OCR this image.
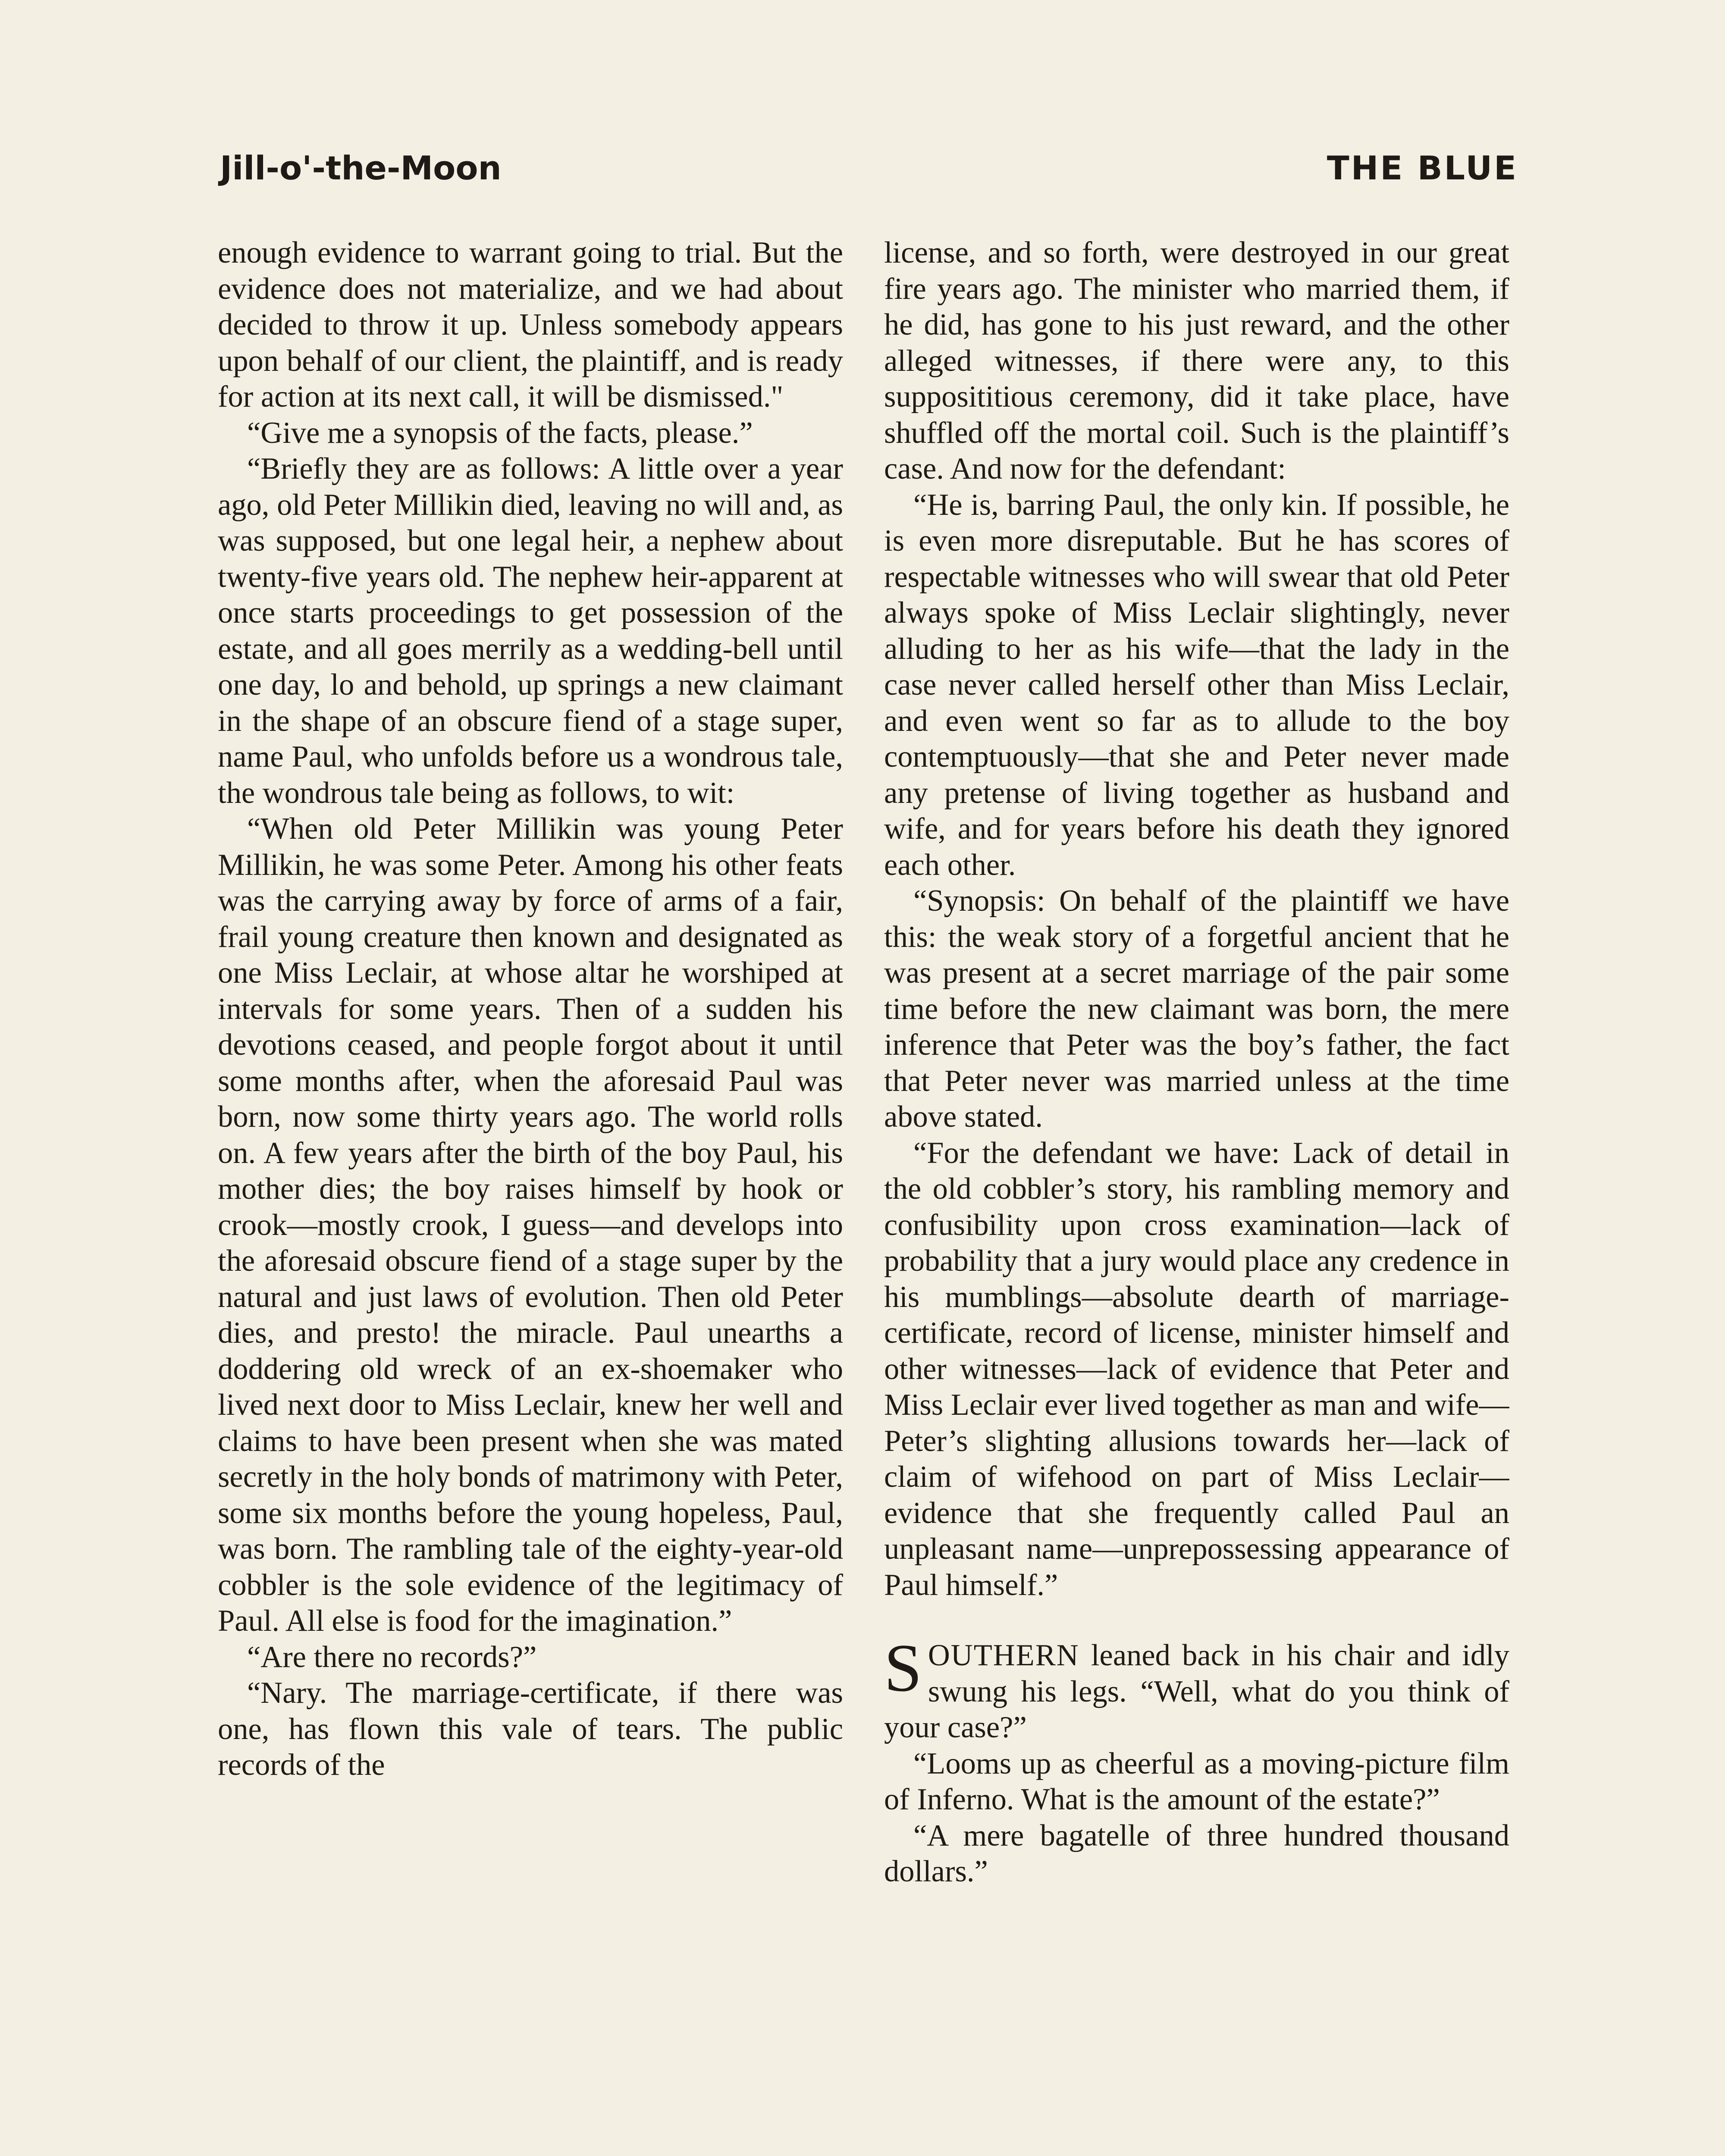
Jill-o'-the-Moon	THE BLUE

enough evidence to warrant going to trial. But the evidence does not materialize, and we had about decided to throw it up. Unless somebody appears upon behalf of our client, the plaintiff, and is ready for action at its next call, it will be dismissed."

“Give me a synopsis of the facts, please.”

“Briefly they are as follows: A little over a year ago, old Peter Millikin died, leaving no will and, as was supposed, but one legal heir, a nephew about twenty-five years old. The nephew heir-apparent at once starts proceedings to get possession of the estate, and all goes merrily as a wedding-bell until one day, lo and behold, up springs a new claimant in the shape of an obscure fiend of a stage super, name Paul, who unfolds before us a wondrous tale, the wondrous tale being as follows, to wit:

“When old Peter Millikin was young Peter Millikin, he was some Peter. Among his other feats was the carrying away by force of arms of a fair, frail young creature then known and designated as one Miss Leclair, at whose altar he worshiped at intervals for some years. Then of a sudden his devotions ceased, and people forgot about it until some months after, when the aforesaid Paul was born, now some thirty years ago. The world rolls on. A few years after the birth of the boy Paul, his mother dies; the boy raises himself by hook or crook—mostly crook, I guess—and develops into the aforesaid obscure fiend of a stage super by the natural and just laws of evolution. Then old Peter dies, and presto! the miracle. Paul unearths a doddering old wreck of an ex-shoemaker who lived next door to Miss Leclair, knew her well and claims to have been present when she was mated secretly in the holy bonds of matrimony with Peter, some six months before the young hopeless, Paul, was born. The rambling tale of the eighty-year-old cobbler is the sole evidence of the legitimacy of Paul. All else is food for the imagination.”

“Are there no records?”

“Nary. The marriage-certificate, if there was one, has flown this vale of tears. The public records of the

license, and so forth, were destroyed in our great fire years ago. The minister who married them, if he did, has gone to his just reward, and the other alleged witnesses, if there were any, to this supposititious ceremony, did it take place, have shuffled off the mortal coil. Such is the plaintiff’s case. And now for the defendant:

“He is, barring Paul, the only kin. If possible, he is even more disreputable. But he has scores of respectable witnesses who will swear that old Peter always spoke of Miss Leclair slightingly, never alluding to her as his wife—that the lady in the case never called herself other than Miss Leclair, and even went so far as to allude to the boy contemptuously—that she and Peter never made any pretense of living together as husband and wife, and for years before his death they ignored each other.

“Synopsis: On behalf of the plaintiff we have this: the weak story of a forgetful ancient that he was present at a secret marriage of the pair some time before the new claimant was born, the mere inference that Peter was the boy’s father, the fact that Peter never was married unless at the time above stated.

“For the defendant we have: Lack of detail in the old cobbler’s story, his rambling memory and confusibility upon cross examination—lack of probability that a jury would place any credence in his mumblings—absolute dearth of marriage-certificate, record of license, minister himself and other witnesses—lack of evidence that Peter and Miss Leclair ever lived together as man and wife—Peter’s slighting allusions towards her—lack of claim of wifehood on part of Miss Leclair—evidence that she frequently called Paul an unpleasant name—unprepossessing appearance of Paul himself.”

SOUTHERN leaned back in his chair and idly swung his legs. “Well, what do you think of your case?”

“Looms up as cheerful as a moving-picture film of Inferno. What is the amount of the estate?”

“A mere bagatelle of three hundred thousand dollars.”
